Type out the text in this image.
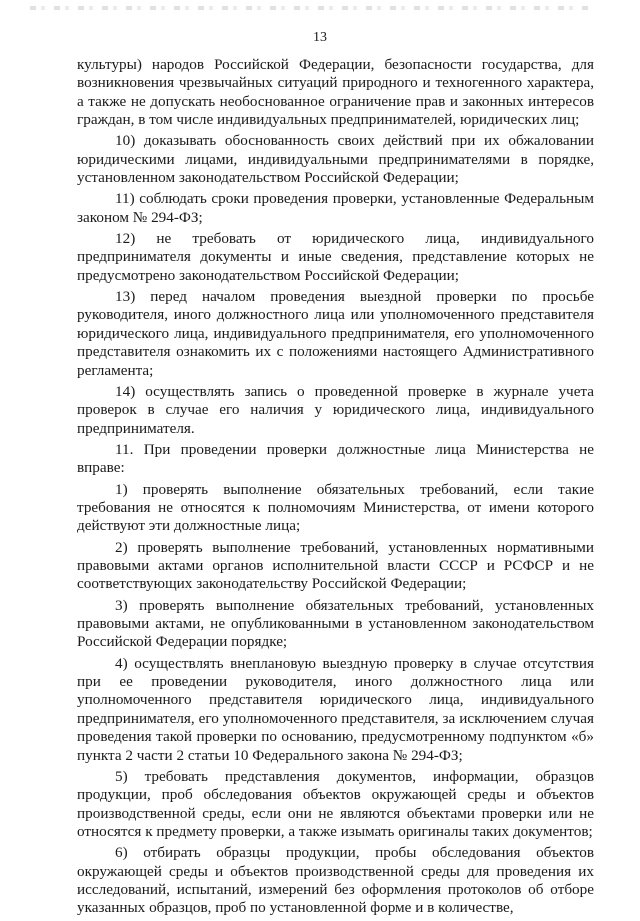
13

культуры) народов Российской Федерации, безопасности государства, для возникновения чрезвычайных ситуаций природного и техногенного характера, а также не допускать необоснованное ограничение прав и законных интересов граждан, в том числе индивидуальных предпринимателей, юридических лиц;

10) доказывать обоснованность своих действий при их обжаловании юридическими лицами, индивидуальными предпринимателями в порядке, установленном законодательством Российской Федерации;

11) соблюдать сроки проведения проверки, установленные Федеральным законом № 294-ФЗ;

12) не требовать от юридического лица, индивидуального предпринимателя документы и иные сведения, представление которых не предусмотрено законодательством Российской Федерации;

13) перед началом проведения выездной проверки по просьбе руководителя, иного должностного лица или уполномоченного представителя юридического лица, индивидуального предпринимателя, его уполномоченного представителя ознакомить их с положениями настоящего Административного регламента;

14) осуществлять запись о проведенной проверке в журнале учета проверок в случае его наличия у юридического лица, индивидуального предпринимателя.

11. При проведении проверки должностные лица Министерства не вправе:

1) проверять выполнение обязательных требований, если такие требования не относятся к полномочиям Министерства, от имени которого действуют эти должностные лица;

2) проверять выполнение требований, установленных нормативными правовыми актами органов исполнительной власти СССР и РСФСР и не соответствующих законодательству Российской Федерации;

3) проверять выполнение обязательных требований, установленных правовыми актами, не опубликованными в установленном законодательством Российской Федерации порядке;

4) осуществлять внеплановую выездную проверку в случае отсутствия при ее проведении руководителя, иного должностного лица или уполномоченного представителя юридического лица, индивидуального предпринимателя, его уполномоченного представителя, за исключением случая проведения такой проверки по основанию, предусмотренному подпунктом «б» пункта 2 части 2 статьи 10 Федерального закона № 294-ФЗ;

5) требовать представления документов, информации, образцов продукции, проб обследования объектов окружающей среды и объектов производственной среды, если они не являются объектами проверки или не относятся к предмету проверки, а также изымать оригиналы таких документов;

6) отбирать образцы продукции, пробы обследования объектов окружающей среды и объектов производственной среды для проведения их исследований, испытаний, измерений без оформления протоколов об отборе указанных образцов, проб по установленной форме и в количестве,
